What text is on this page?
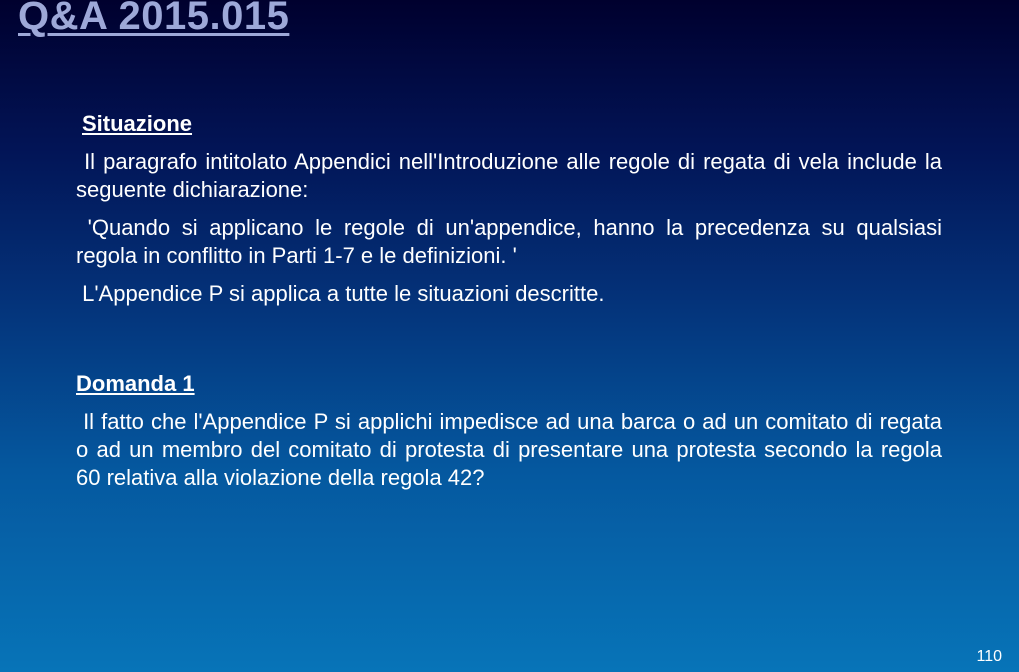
Q&A 2015.015

Situazione

Il paragrafo intitolato Appendici nell'Introduzione alle regole di regata di vela include la seguente dichiarazione:

'Quando si applicano le regole di un'appendice, hanno la precedenza su qualsiasi regola in conflitto in Parti 1-7 e le definizioni. '

L'Appendice P si applica a tutte le situazioni descritte.

Domanda 1

Il fatto che l'Appendice P si applichi impedisce ad una barca o ad un comitato di regata o ad un membro del comitato di protesta di presentare una protesta secondo la regola 60 relativa alla violazione della regola 42?

110
